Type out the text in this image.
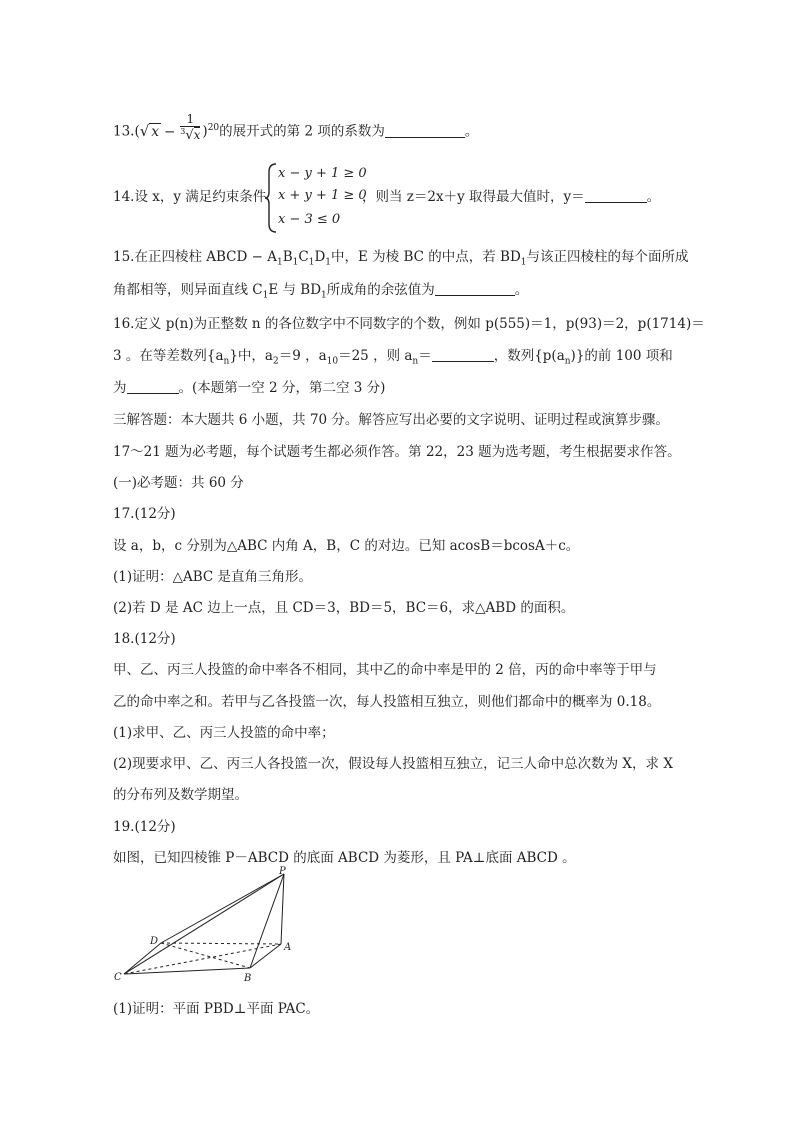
13.(√ $x - \frac{1}{^3√x} )^{20}$的展开式的第 2 项的系数为	。
14.设 x，y 满足约束条件
x − y + 1 ≥ 0
x + y + 1 ≥ 0
x − 3 ≤ 0
，则当 z＝2x＋y 取得最大值时，y＝	。
15.在正四棱柱 ABCD − $A_1B_1C_1D_1$中，E 为棱 BC 的中点，若 $BD_1$与该正四棱柱的每个面所成
角都相等，则异面直线 $C_1E$ 与 $BD_1$所成角的余弦值为	。
16.定义 p(n)为正整数 n 的各位数字中不同数字的个数，例如 p(555)＝1，p(93)＝2，p(1714)＝
3 。在等差数列$\{a_n\}$中，$a_2=9$ ，$a_{10}=25$ ，则 $a_n=$	，数列$\{p(a_n)\}$的前 100 项和
为	。(本题第一空 2 分，第二空 3 分)
三解答题：本大题共 6 小题，共 70 分。解答应写出必要的文字说明、证明过程或演算步骤。
17～21 题为必考题，每个试题考生都必须作答。第 22，23 题为选考题，考生根据要求作答。
(一)必考题：共 60 分
17.(12分)
设 a，b，c 分别为△ABC 内角 A，B，C 的对边。已知 acosB＝bcosA＋c。
(1)证明：△ABC 是直角三角形。
(2)若 D 是 AC 边上一点，且 CD＝3，BD＝5，BC＝6，求△ABD 的面积。
18.(12分)
甲、乙、丙三人投篮的命中率各不相同，其中乙的命中率是甲的 2 倍，丙的命中率等于甲与
乙的命中率之和。若甲与乙各投篮一次，每人投篮相互独立，则他们都命中的概率为 0.18。
(1)求甲、乙、丙三人投篮的命中率；
(2)现要求甲、乙、丙三人各投篮一次，假设每人投篮相互独立，记三人命中总次数为 X，求 X
的分布列及数学期望。
19.(12分)
如图，已知四棱锥 P－ABCD 的底面 ABCD 为菱形，且 PA⊥底面 ABCD 。
P
D
A
C	B
(1)证明：平面 PBD⊥平面 PAC。
